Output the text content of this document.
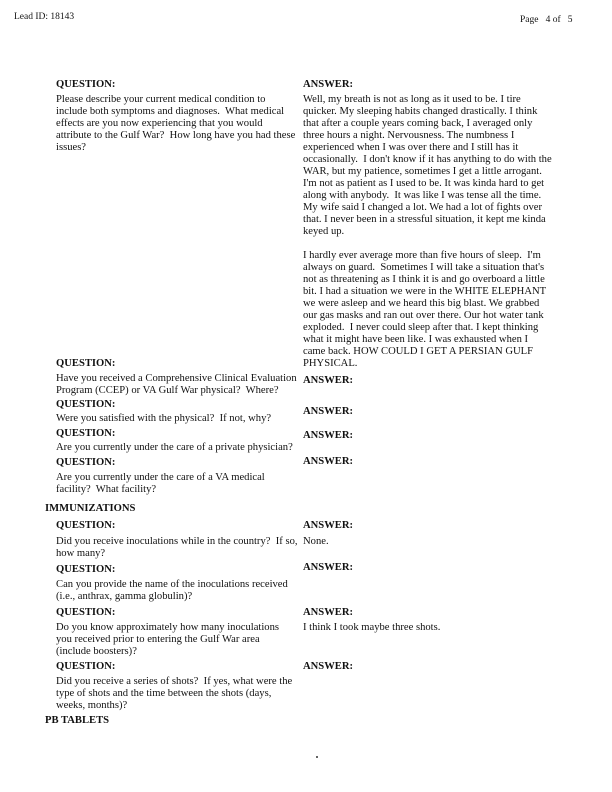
Lead ID: 18143	Page   4 of   5
QUESTION:
Please describe your current medical condition to
include both symptoms and diagnoses.  What medical
effects are you now experiencing that you would
attribute to the Gulf War?  How long have you had these
issues?
ANSWER:
Well, my breath is not as long as it used to be. I tire
quicker. My sleeping habits changed drastically. I think
that after a couple years coming back, I averaged only
three hours a night. Nervousness. The numbness I
experienced when I was over there and I still has it
occasionally.  I don't know if it has anything to do with the
WAR, but my patience, sometimes I get a little arrogant.
I'm not as patient as I used to be. It was kinda hard to get
along with anybody.  It was like I was tense all the time.
My wife said I changed a lot. We had a lot of fights over
that. I never been in a stressful situation, it kept me kinda
keyed up.
I hardly ever average more than five hours of sleep.  I'm
always on guard.  Sometimes I will take a situation that's
not as threatening as I think it is and go overboard a little
bit. I had a situation we were in the WHITE ELEPHANT
we were asleep and we heard this big blast. We grabbed
our gas masks and ran out over there. Our hot water tank
exploded.  I never could sleep after that. I kept thinking
what it might have been like. I was exhausted when I
came back. HOW COULD I GET A PERSIAN GULF
PHYSICAL.
QUESTION:
Have you received a Comprehensive Clinical Evaluation
Program (CCEP) or VA Gulf War physical?  Where?
ANSWER:
QUESTION:
Were you satisfied with the physical?  If not, why?
ANSWER:
QUESTION:
Are you currently under the care of a private physician?
ANSWER:
QUESTION:
Are you currently under the care of a VA medical
facility?  What facility?
ANSWER:
IMMUNIZATIONS
QUESTION:
Did you receive inoculations while in the country?  If so,
how many?
ANSWER:
None.
QUESTION:
Can you provide the name of the inoculations received
(i.e., anthrax, gamma globulin)?
ANSWER:
QUESTION:
Do you know approximately how many inoculations
you received prior to entering the Gulf War area
(include boosters)?
ANSWER:
I think I took maybe three shots.
QUESTION:
Did you receive a series of shots?  If yes, what were the
type of shots and the time between the shots (days,
weeks, months)?
ANSWER:
PB TABLETS
